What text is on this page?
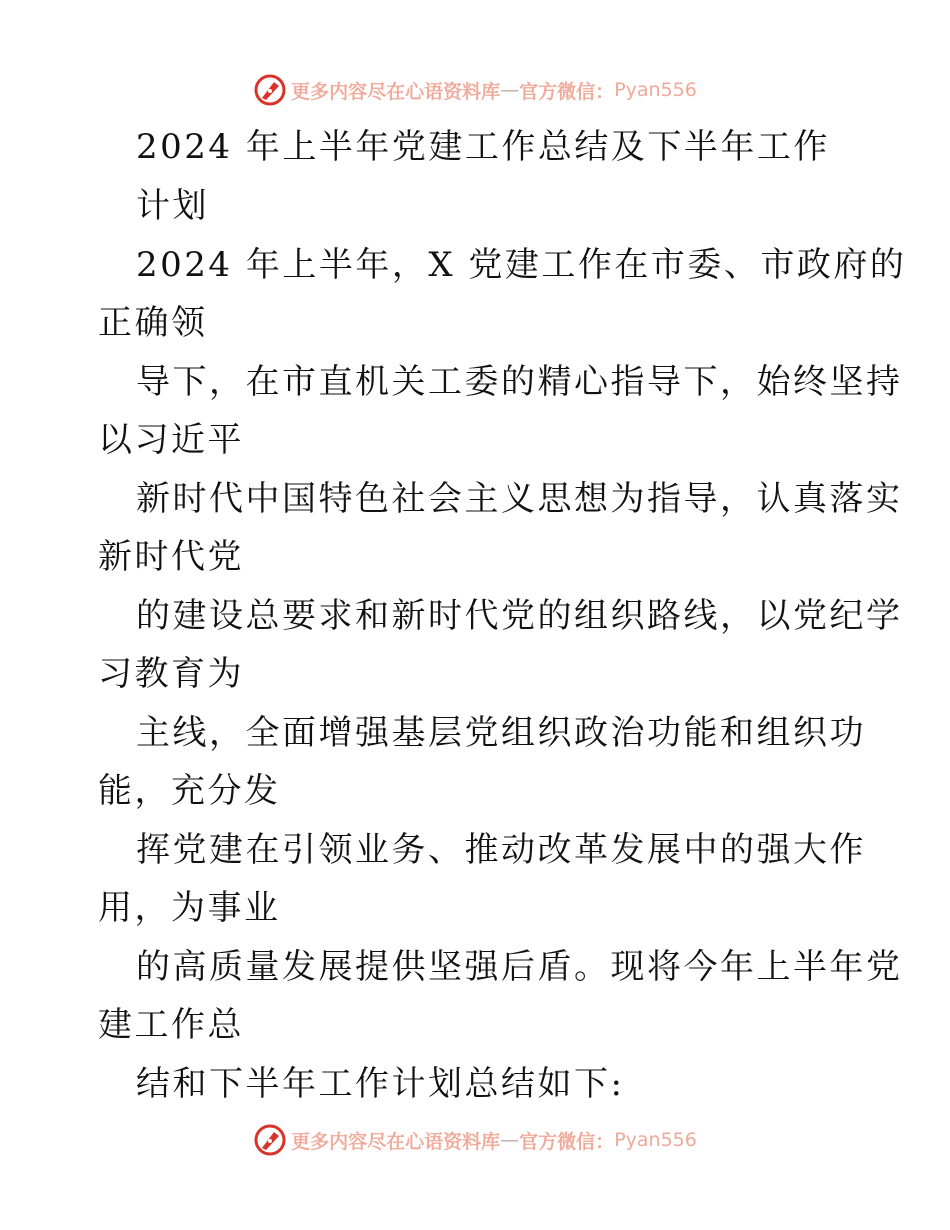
更多内容尽在心语资料库 — 官方微信： Pyan556
2024 年上半年党建工作总结及下半年工作
计划
2024 年上半年，X 党建工作在市委、市政府的
正确领
导下，在市直机关工委的精心指导下，始终坚持
以习近平
新时代中国特色社会主义思想为指导，认真落实
新时代党
的建设总要求和新时代党的组织路线，以党纪学
习教育为
主线，全面增强基层党组织政治功能和组织功
能，充分发
挥党建在引领业务、推动改革发展中的强大作
用，为事业
的高质量发展提供坚强后盾。现将今年上半年党
建工作总
结和下半年工作计划总结如下:
更多内容尽在心语资料库 — 官方微信： Pyan556
